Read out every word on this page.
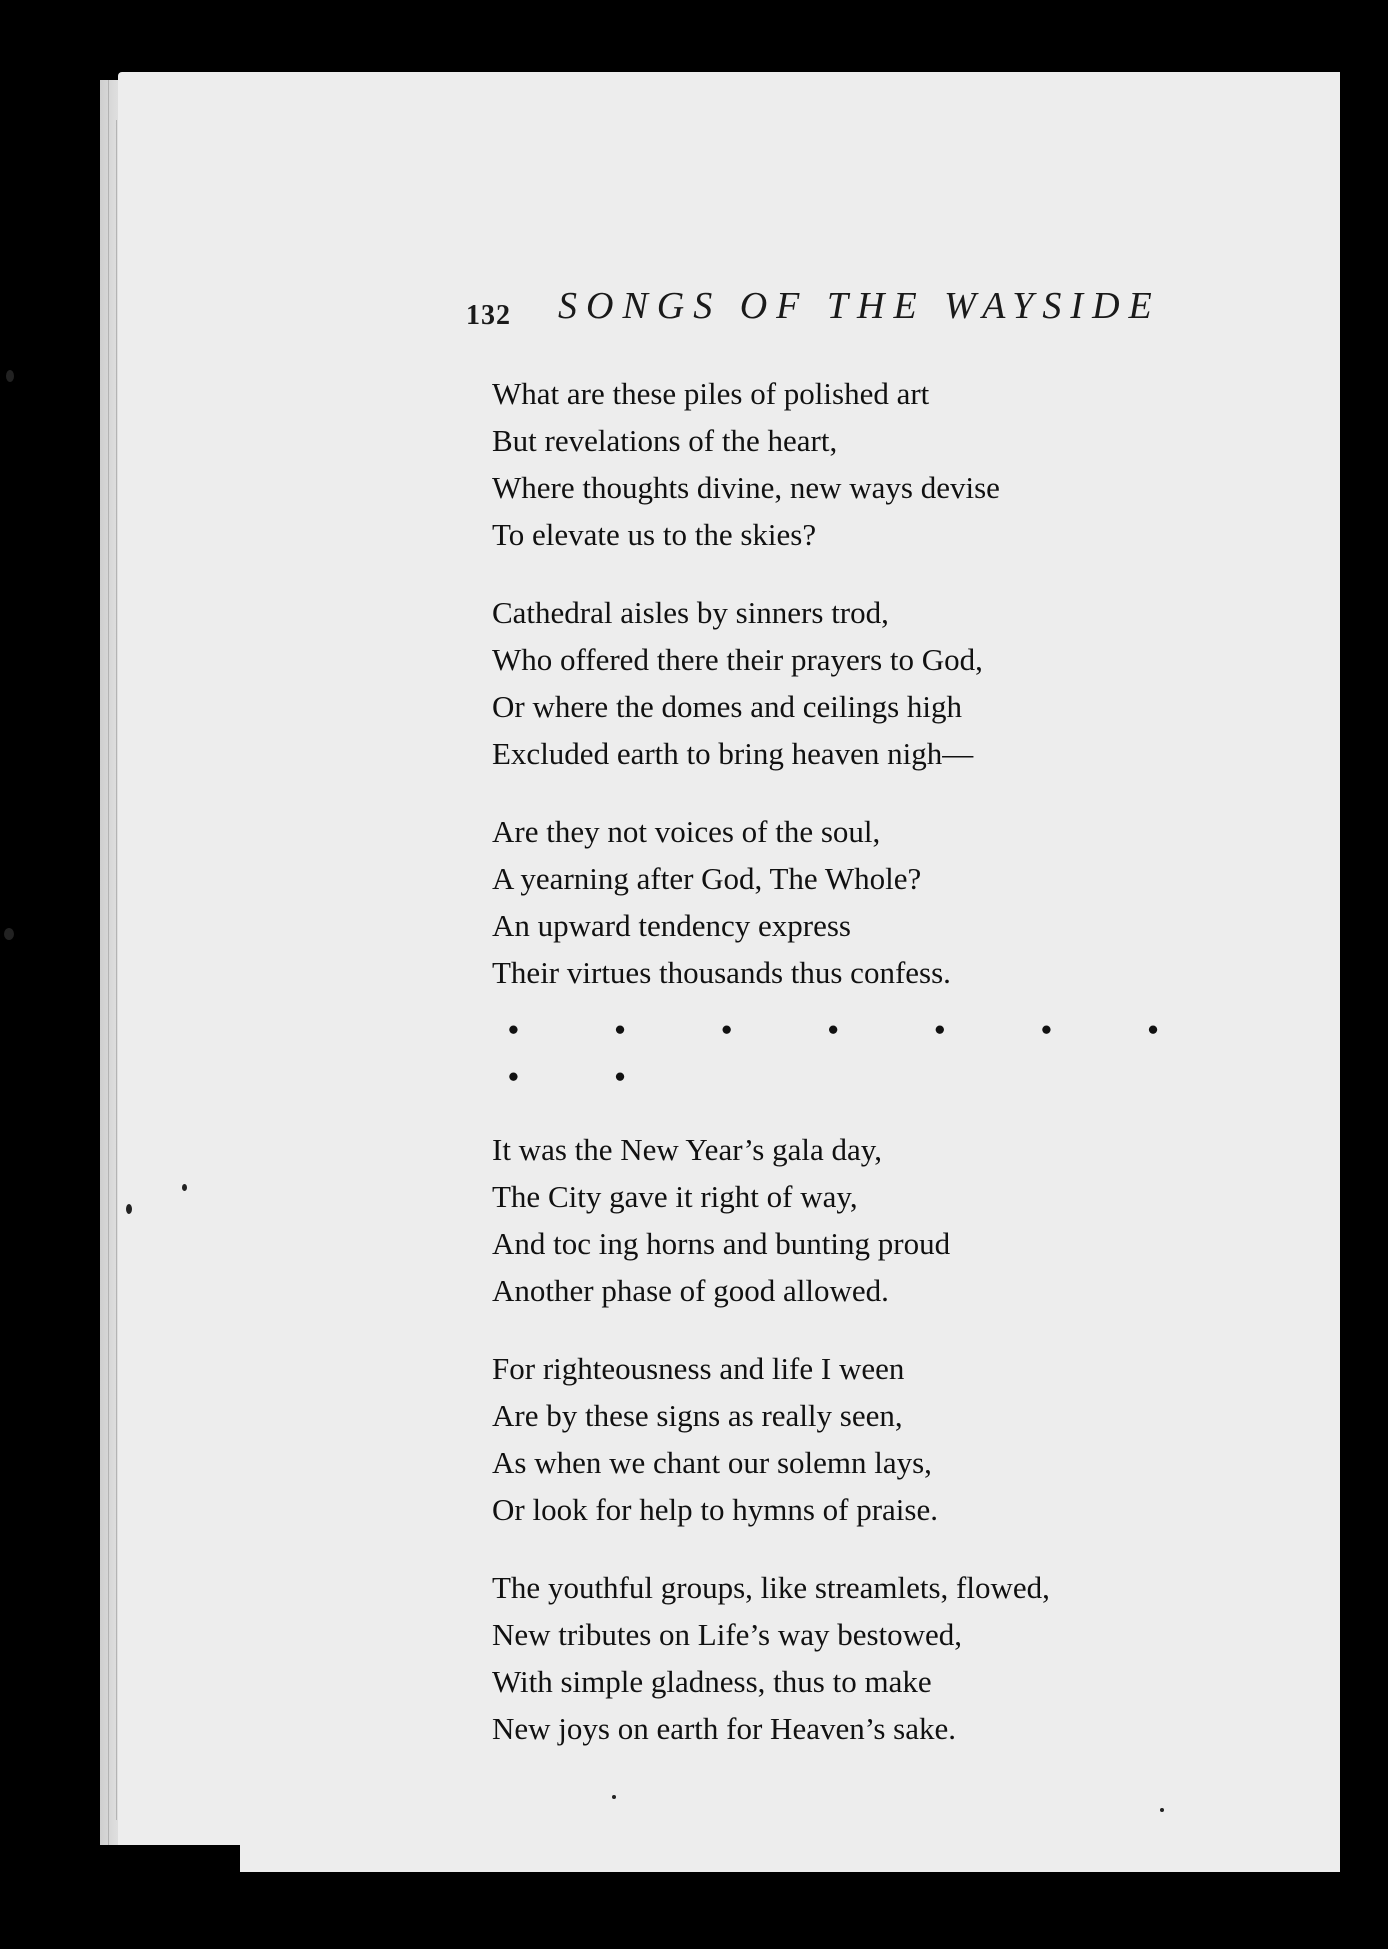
132 SONGS OF THE WAYSIDE
What are these piles of polished art
But revelations of the heart,
Where thoughts divine, new ways devise
To elevate us to the skies?
Cathedral aisles by sinners trod,
Who offered there their prayers to God,
Or where the domes and ceilings high
Excluded earth to bring heaven nigh—
Are they not voices of the soul,
A yearning after God, The Whole?
An upward tendency express
Their virtues thousands thus confess.
• • • • • • • • •
It was the New Year’s gala day,
The City gave it right of way,
And toc ing horns and bunting proud
Another phase of good allowed.
For righteousness and life I ween
Are by these signs as really seen,
As when we chant our solemn lays,
Or look for help to hymns of praise.
The youthful groups, like streamlets, flowed,
New tributes on Life’s way bestowed,
With simple gladness, thus to make
New joys on earth for Heaven’s sake.
